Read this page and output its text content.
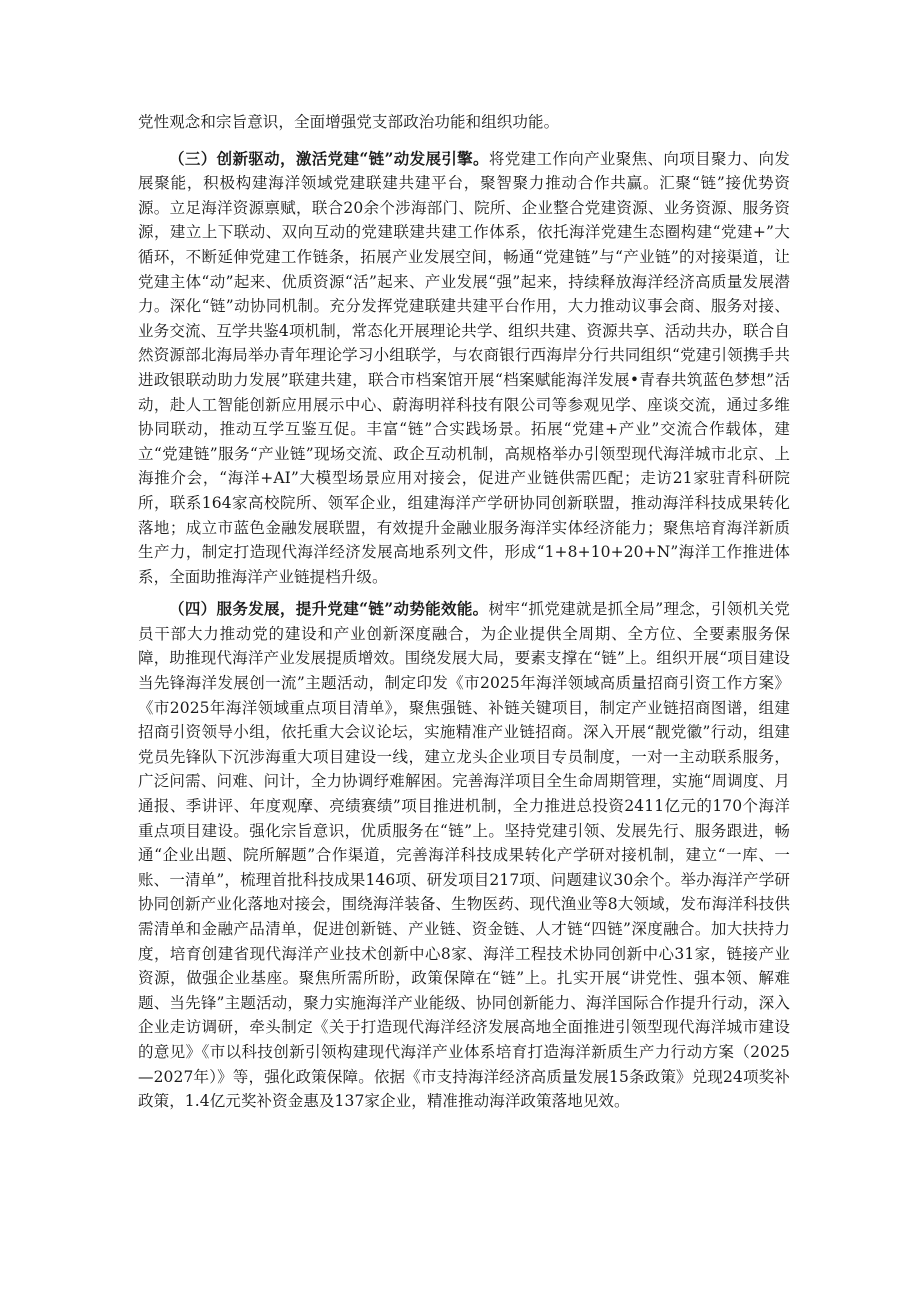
党性观念和宗旨意识，全面增强党支部政治功能和组织功能。

（三）创新驱动，激活党建“链”动发展引擎。将党建工作向产业聚焦、向项目聚力、向发展聚能，积极构建海洋领域党建联建共建平台，聚智聚力推动合作共赢。汇聚“链”接优势资源。立足海洋资源禀赋，联合20余个涉海部门、院所、企业整合党建资源、业务资源、服务资源，建立上下联动、双向互动的党建联建共建工作体系，依托海洋党建生态圈构建“党建+”大循环，不断延伸党建工作链条，拓展产业发展空间，畅通“党建链”与“产业链”的对接渠道，让党建主体“动”起来、优质资源“活”起来、产业发展“强”起来，持续释放海洋经济高质量发展潜力。深化“链”动协同机制。充分发挥党建联建共建平台作用，大力推动议事会商、服务对接、业务交流、互学共鉴4项机制，常态化开展理论共学、组织共建、资源共享、活动共办，联合自然资源部北海局举办青年理论学习小组联学，与农商银行西海岸分行共同组织“党建引领携手共进政银联动助力发展”联建共建，联合市档案馆开展“档案赋能海洋发展•青春共筑蓝色梦想”活动，赴人工智能创新应用展示中心、蔚海明祥科技有限公司等参观见学、座谈交流，通过多维协同联动，推动互学互鉴互促。丰富“链”合实践场景。拓展“党建+产业”交流合作载体，建立“党建链”服务“产业链”现场交流、政企互动机制，高规格举办引领型现代海洋城市北京、上海推介会，“海洋+AI”大模型场景应用对接会，促进产业链供需匹配；走访21家驻青科研院所，联系164家高校院所、领军企业，组建海洋产学研协同创新联盟，推动海洋科技成果转化落地；成立市蓝色金融发展联盟，有效提升金融业服务海洋实体经济能力；聚焦培育海洋新质生产力，制定打造现代海洋经济发展高地系列文件，形成“1+8+10+20+N”海洋工作推进体系，全面助推海洋产业链提档升级。

（四）服务发展，提升党建“链”动势能效能。树牢“抓党建就是抓全局”理念，引领机关党员干部大力推动党的建设和产业创新深度融合，为企业提供全周期、全方位、全要素服务保障，助推现代海洋产业发展提质增效。围绕发展大局，要素支撑在“链”上。组织开展“项目建设当先锋海洋发展创一流”主题活动，制定印发《市2025年海洋领域高质量招商引资工作方案》《市2025年海洋领域重点项目清单》，聚焦强链、补链关键项目，制定产业链招商图谱，组建招商引资领导小组，依托重大会议论坛，实施精准产业链招商。深入开展“靓党徽”行动，组建党员先锋队下沉涉海重大项目建设一线，建立龙头企业项目专员制度，一对一主动联系服务，广泛问需、问难、问计，全力协调纾难解困。完善海洋项目全生命周期管理，实施“周调度、月通报、季讲评、年度观摩、亮绩赛绩”项目推进机制，全力推进总投资2411亿元的170个海洋重点项目建设。强化宗旨意识，优质服务在“链”上。坚持党建引领、发展先行、服务跟进，畅通“企业出题、院所解题”合作渠道，完善海洋科技成果转化产学研对接机制，建立“一库、一账、一清单”，梳理首批科技成果146项、研发项目217项、问题建议30余个。举办海洋产学研协同创新产业化落地对接会，围绕海洋装备、生物医药、现代渔业等8大领域，发布海洋科技供需清单和金融产品清单，促进创新链、产业链、资金链、人才链“四链”深度融合。加大扶持力度，培育创建省现代海洋产业技术创新中心8家、海洋工程技术协同创新中心31家，链接产业资源，做强企业基座。聚焦所需所盼，政策保障在“链”上。扎实开展“讲党性、强本领、解难题、当先锋”主题活动，聚力实施海洋产业能级、协同创新能力、海洋国际合作提升行动，深入企业走访调研，牵头制定《关于打造现代海洋经济发展高地全面推进引领型现代海洋城市建设的意见》《市以科技创新引领构建现代海洋产业体系培育打造海洋新质生产力行动方案（2025—2027年）》等，强化政策保障。依据《市支持海洋经济高质量发展15条政策》兑现24项奖补政策，1.4亿元奖补资金惠及137家企业，精准推动海洋政策落地见效。
